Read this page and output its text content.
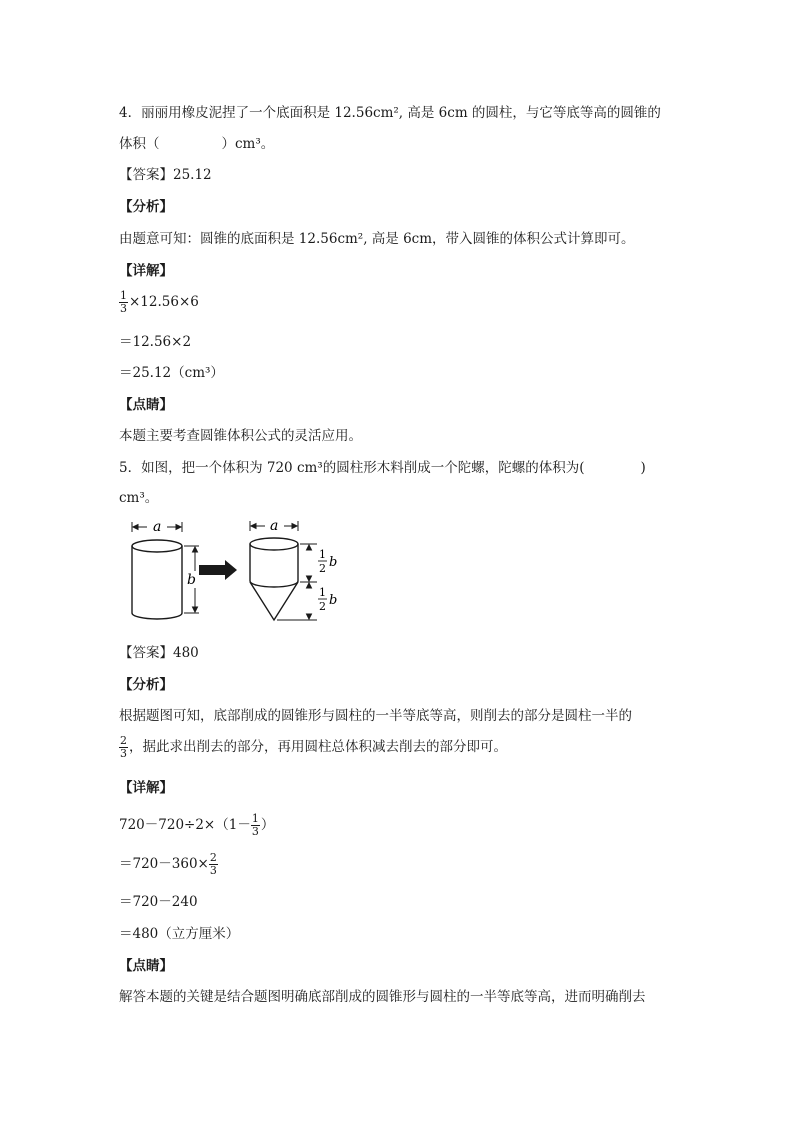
4．丽丽用橡皮泥捏了一个底面积是 12.56cm², 高是 6cm 的圆柱，与它等底等高的圆锥的
体积（	）cm³。
【答案】25.12
【分析】
由题意可知：圆锥的底面积是 12.56cm², 高是 6cm，带入圆锥的体积公式计算即可。
【详解】
$\frac{1}{3} \times 12.56\times 6$
＝12.56×2
＝25.12（cm³）
【点睛】
本题主要考查圆锥体积公式的灵活应用。
5．如图，把一个体积为 720 cm³的圆柱形木料削成一个陀螺，陀螺的体积为(	)
cm³。
a
b
a
1
2 b
1
2 b
【答案】480
【分析】
根据题图可知，底部削成的圆锥形与圆柱的一半等底等高，则削去的部分是圆柱一半的
$\frac{2}{3}$ ，据此求出削去的部分，再用圆柱总体积减去削去的部分即可。
【详解】
$720-720\div 2\times(1- \frac{1}{3}$ ）
$=720-360\times \frac{2}{3}$
＝720－240
＝480（立方厘米）
【点睛】
解答本题的关键是结合题图明确底部削成的圆锥形与圆柱的一半等底等高，进而明确削去
